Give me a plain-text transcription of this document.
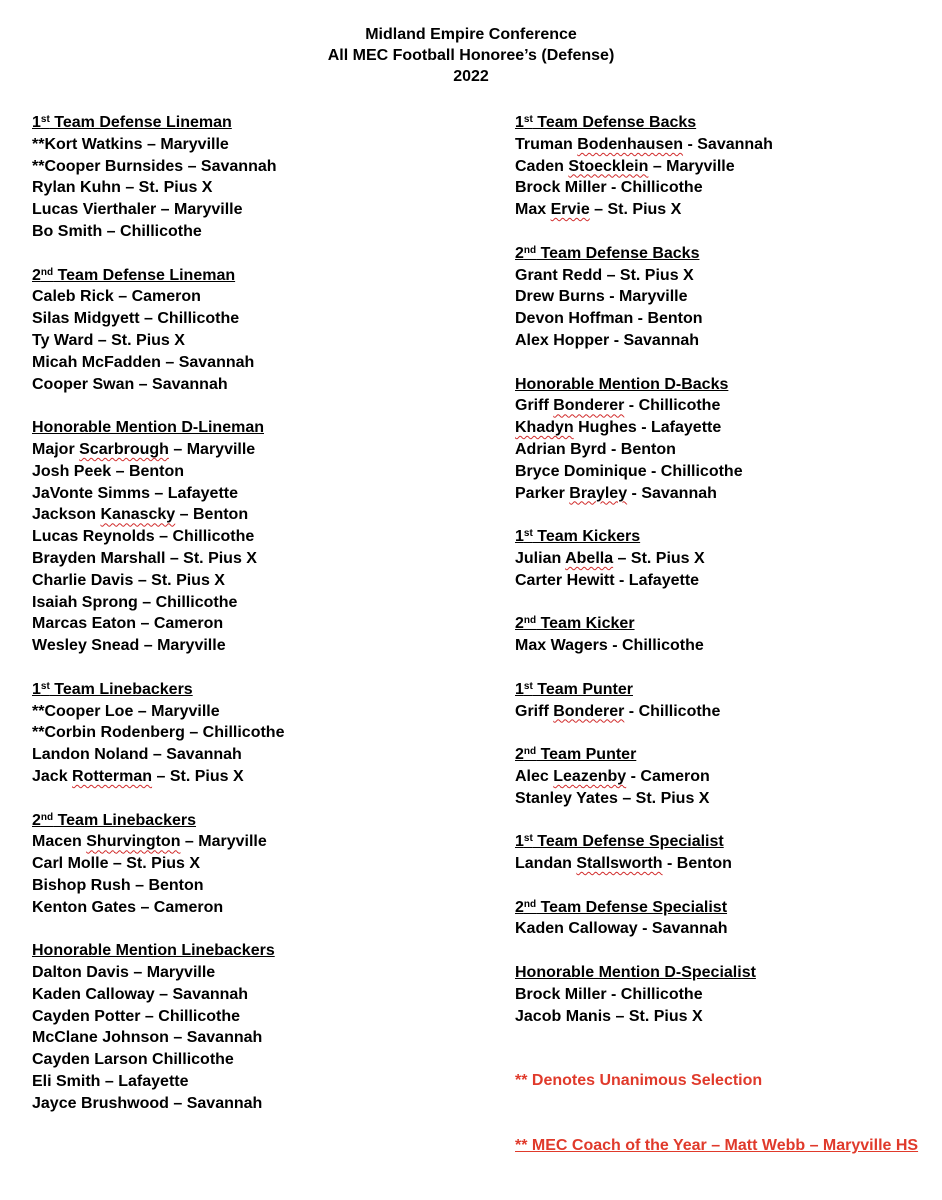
Midland Empire Conference
All MEC Football Honoree’s (Defense)
2022
1st Team Defense Lineman
**Kort Watkins – Maryville
**Cooper Burnsides – Savannah
Rylan Kuhn – St. Pius X
Lucas Vierthaler – Maryville
Bo Smith – Chillicothe
2nd Team Defense Lineman
Caleb Rick – Cameron
Silas Midgyett – Chillicothe
Ty Ward – St. Pius X
Micah McFadden – Savannah
Cooper Swan – Savannah
Honorable Mention D-Lineman
Major Scarbrough – Maryville
Josh Peek – Benton
JaVonte Simms – Lafayette
Jackson Kanascky – Benton
Lucas Reynolds – Chillicothe
Brayden Marshall – St. Pius X
Charlie Davis – St. Pius X
Isaiah Sprong – Chillicothe
Marcas Eaton – Cameron
Wesley Snead – Maryville
1st Team Linebackers
**Cooper Loe – Maryville
**Corbin Rodenberg – Chillicothe
Landon Noland – Savannah
Jack Rotterman – St. Pius X
2nd Team Linebackers
Macen Shurvington – Maryville
Carl Molle – St. Pius X
Bishop Rush – Benton
Kenton Gates – Cameron
Honorable Mention Linebackers
Dalton Davis – Maryville
Kaden Calloway – Savannah
Cayden Potter – Chillicothe
McClane Johnson – Savannah
Cayden Larson Chillicothe
Eli Smith – Lafayette
Jayce Brushwood – Savannah
1st Team Defense Backs
Truman Bodenhausen - Savannah
Caden Stoecklein – Maryville
Brock Miller - Chillicothe
Max Ervie – St. Pius X
2nd Team Defense Backs
Grant Redd – St. Pius X
Drew Burns - Maryville
Devon Hoffman - Benton
Alex Hopper - Savannah
Honorable Mention D-Backs
Griff Bonderer - Chillicothe
Khadyn Hughes - Lafayette
Adrian Byrd - Benton
Bryce Dominique - Chillicothe
Parker Brayley - Savannah
1st Team Kickers
Julian Abella – St. Pius X
Carter Hewitt - Lafayette
2nd Team Kicker
Max Wagers - Chillicothe
1st Team Punter
Griff Bonderer - Chillicothe
2nd Team Punter
Alec Leazenby - Cameron
Stanley Yates – St. Pius X
1st Team Defense Specialist
Landan Stallsworth - Benton
2nd Team Defense Specialist
Kaden Calloway - Savannah
Honorable Mention D-Specialist
Brock Miller - Chillicothe
Jacob Manis – St. Pius X
** Denotes Unanimous Selection
** MEC Coach of the Year – Matt Webb – Maryville HS
